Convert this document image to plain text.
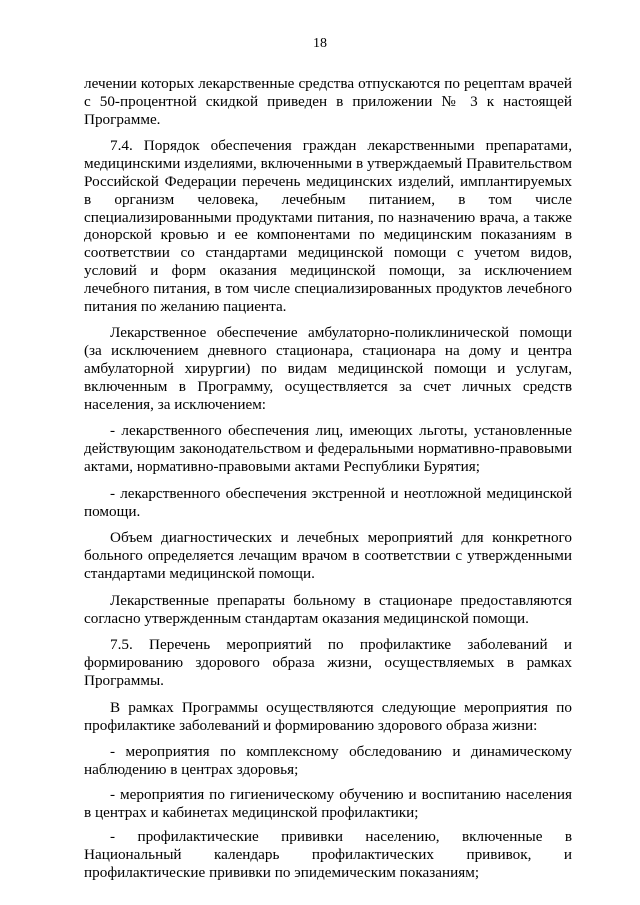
18

лечении которых лекарственные средства отпускаются по рецептам врачей с 50-процентной скидкой приведен в приложении № 3 к настоящей Программе.

7.4. Порядок обеспечения граждан лекарственными препаратами, медицинскими изделиями, включенными в утверждаемый Правительством Российской Федерации перечень медицинских изделий, имплантируемых в организм человека, лечебным питанием, в том числе специализированными продуктами питания, по назначению врача, а также донорской кровью и ее компонентами по медицинским показаниям в соответствии со стандартами медицинской помощи с учетом видов, условий и форм оказания медицинской помощи, за исключением лечебного питания, в том числе специализированных продуктов лечебного питания по желанию пациента.

Лекарственное обеспечение амбулаторно-поликлинической помощи (за исключением дневного стационара, стационара на дому и центра амбулаторной хирургии) по видам медицинской помощи и услугам, включенным в Программу, осуществляется за счет личных средств населения, за исключением:

- лекарственного обеспечения лиц, имеющих льготы, установленные действующим законодательством и федеральными нормативно-правовыми актами, нормативно-правовыми актами Республики Бурятия;

- лекарственного обеспечения экстренной и неотложной медицинской помощи.

Объем диагностических и лечебных мероприятий для конкретного больного определяется лечащим врачом в соответствии с утвержденными стандартами медицинской помощи.

Лекарственные препараты больному в стационаре предоставляются согласно утвержденным стандартам оказания медицинской помощи.

7.5. Перечень мероприятий по профилактике заболеваний и формированию здорового образа жизни, осуществляемых в рамках Программы.

В рамках Программы осуществляются следующие мероприятия по профилактике заболеваний и формированию здорового образа жизни:

- мероприятия по комплексному обследованию и динамическому наблюдению в центрах здоровья;

- мероприятия по гигиеническому обучению и воспитанию населения в центрах и кабинетах медицинской профилактики;

- профилактические прививки населению, включенные в Национальный календарь профилактических прививок, и профилактические прививки по эпидемическим показаниям;
